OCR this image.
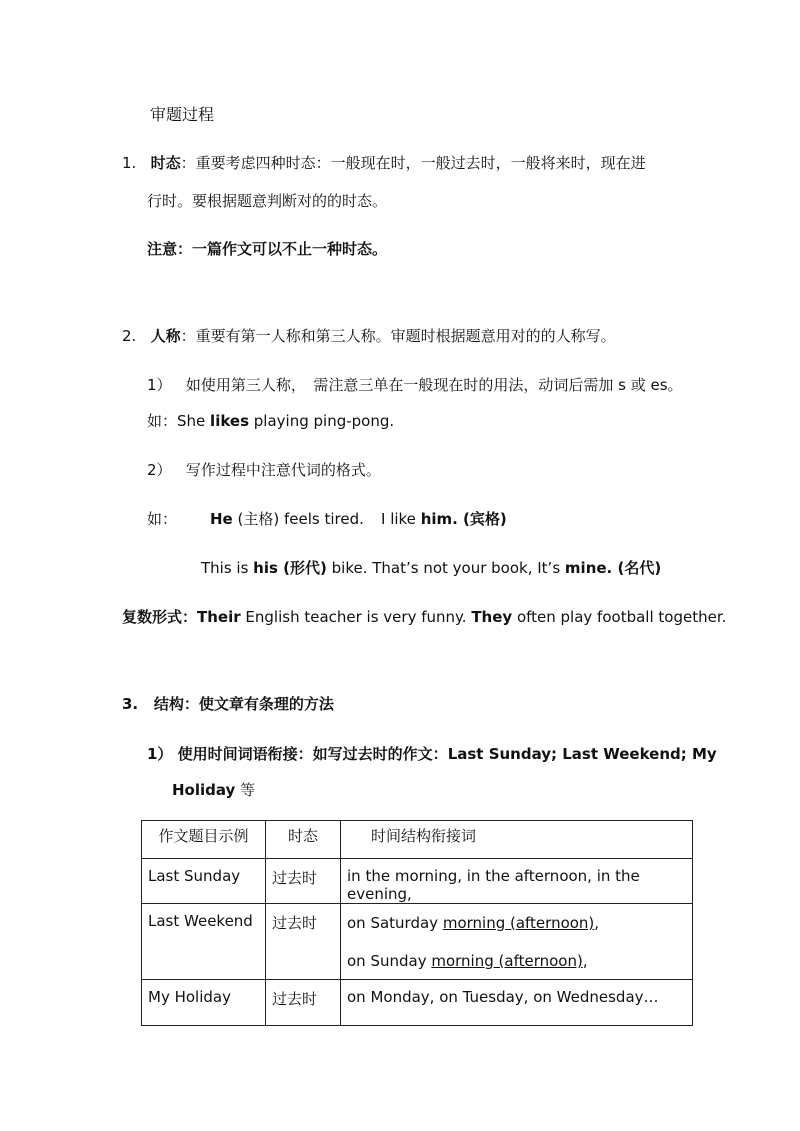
审题过程
1. 时态：重要考虑四种时态：一般现在时，一般过去时，一般将来时，现在进
行时。要根据题意判断对的的时态。
注意：一篇作文可以不止一种时态。
2. 人称：重要有第一人称和第三人称。审题时根据题意用对的的人称写。
1） 如使用第三人称，　需注意三单在一般现在时的用法，动词后需加 s 或 es。
如：She likes playing ping-pong.
2） 写作过程中注意代词的格式。
如： He (主格) feels tired. I like him. (宾格)
This is his (形代) bike. That’s not your book, It’s mine. (名代)
复数形式：Their English teacher is very funny. They often play football together.
3. 结构：使文章有条理的方法
1） 使用时间词语衔接：如写过去时的作文：Last Sunday; Last Weekend; My
Holiday 等
作文题目示例	时态	时间结构衔接词
Last Sunday	过去时	in the morning, in the afternoon, in the evening,
Last Weekend	过去时	on Saturday morning (afternoon),
on Sunday morning (afternoon),

My Holiday	过去时	on Monday, on Tuesday, on Wednesday…
